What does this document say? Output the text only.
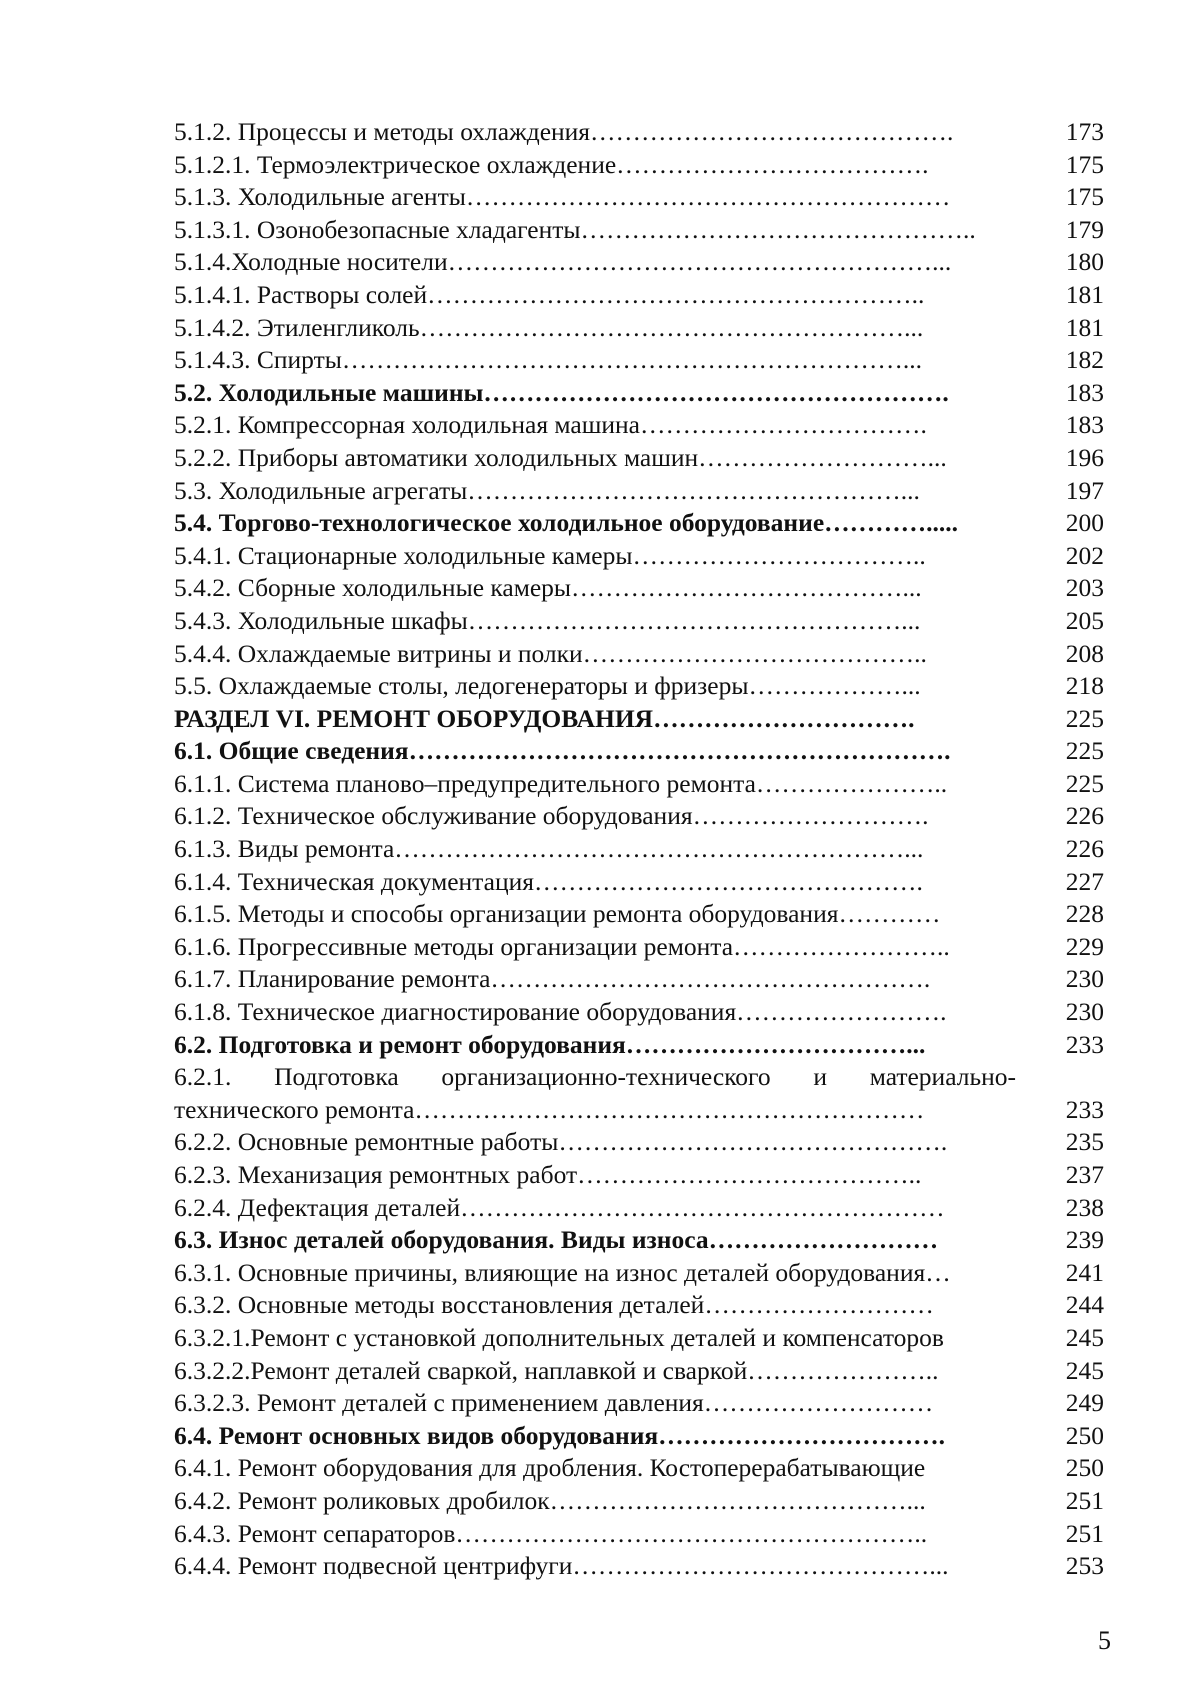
5.1.2. Процессы и методы охлаждения…………………………………….	173
5.1.2.1. Термоэлектрическое охлаждение……………………………….	175
5.1.3. Холодильные агенты…………………………………………………	175
5.1.3.1. Озонобезопасные хладагенты………………………………………..	179
5.1.4.Холодные носители…………………………………………………...	180
5.1.4.1. Растворы солей…………………………………………………..	181
5.1.4.2. Этиленгликоль…………………………………………………...	181
5.1.4.3. Спирты…………………………………………………………...	182
5.2. Холодильные машины……………………………………………….	183
5.2.1. Компрессорная холодильная машина…………………………….	183
5.2.2. Приборы автоматики холодильных машин………………………...	196
5.3. Холодильные агрегаты……………………………………………...	197
5.4. Торгово-технологическое холодильное оборудование………….....	200
5.4.1. Стационарные холодильные камеры……………………………..	202
5.4.2. Сборные холодильные камеры…………………………………...	203
5.4.3. Холодильные шкафы……………………………………………...	205
5.4.4. Охлаждаемые витрины и полки…………………………………..	208
5.5. Охлаждаемые столы, ледогенераторы и фризеры………………...	218
РАЗДЕЛ VI. РЕМОНТ ОБОРУДОВАНИЯ………………………….	225
6.1. Общие сведения……………………………………………………….	225
6.1.1. Система планово‒предупредительного ремонта…………………..	225
6.1.2. Техническое обслуживание оборудования……………………….	226
6.1.3. Виды ремонта……………………………………………………...	226
6.1.4. Техническая документация……………………………………….	227
6.1.5. Методы и способы организации ремонта оборудования…………	228
6.1.6. Прогрессивные методы организации ремонта……………………..	229
6.1.7. Планирование ремонта…………………………………………….	230
6.1.8. Техническое диагностирование оборудования…………………….	230
6.2. Подготовка и ремонт оборудования……………………………...	233
6.2.1. Подготовка организационно-технического и материально-
технического ремонта……………………………………………………	233
6.2.2. Основные ремонтные работы……………………………………….	235
6.2.3. Механизация ремонтных работ…………………………………..	237
6.2.4. Дефектация деталей…………………………………………………	238
6.3. Износ деталей оборудования. Виды износа………………………	239
6.3.1. Основные причины, влияющие на износ деталей оборудования…	241
6.3.2. Основные методы восстановления деталей………………………	244
6.3.2.1.Ремонт с установкой дополнительных деталей и компенсаторов	245
6.3.2.2.Ремонт деталей сваркой, наплавкой и сваркой…………………..	245
6.3.2.3. Ремонт деталей с применением давления………………………	249
6.4. Ремонт основных видов оборудования…………………………….	250
6.4.1. Ремонт оборудования для дробления. Костоперерабатывающие	250
6.4.2. Ремонт роликовых дробилок……………………………………...	251
6.4.3. Ремонт сепараторов………………………………………………..	251
6.4.4. Ремонт подвесной центрифуги……………………………………...	253
5
